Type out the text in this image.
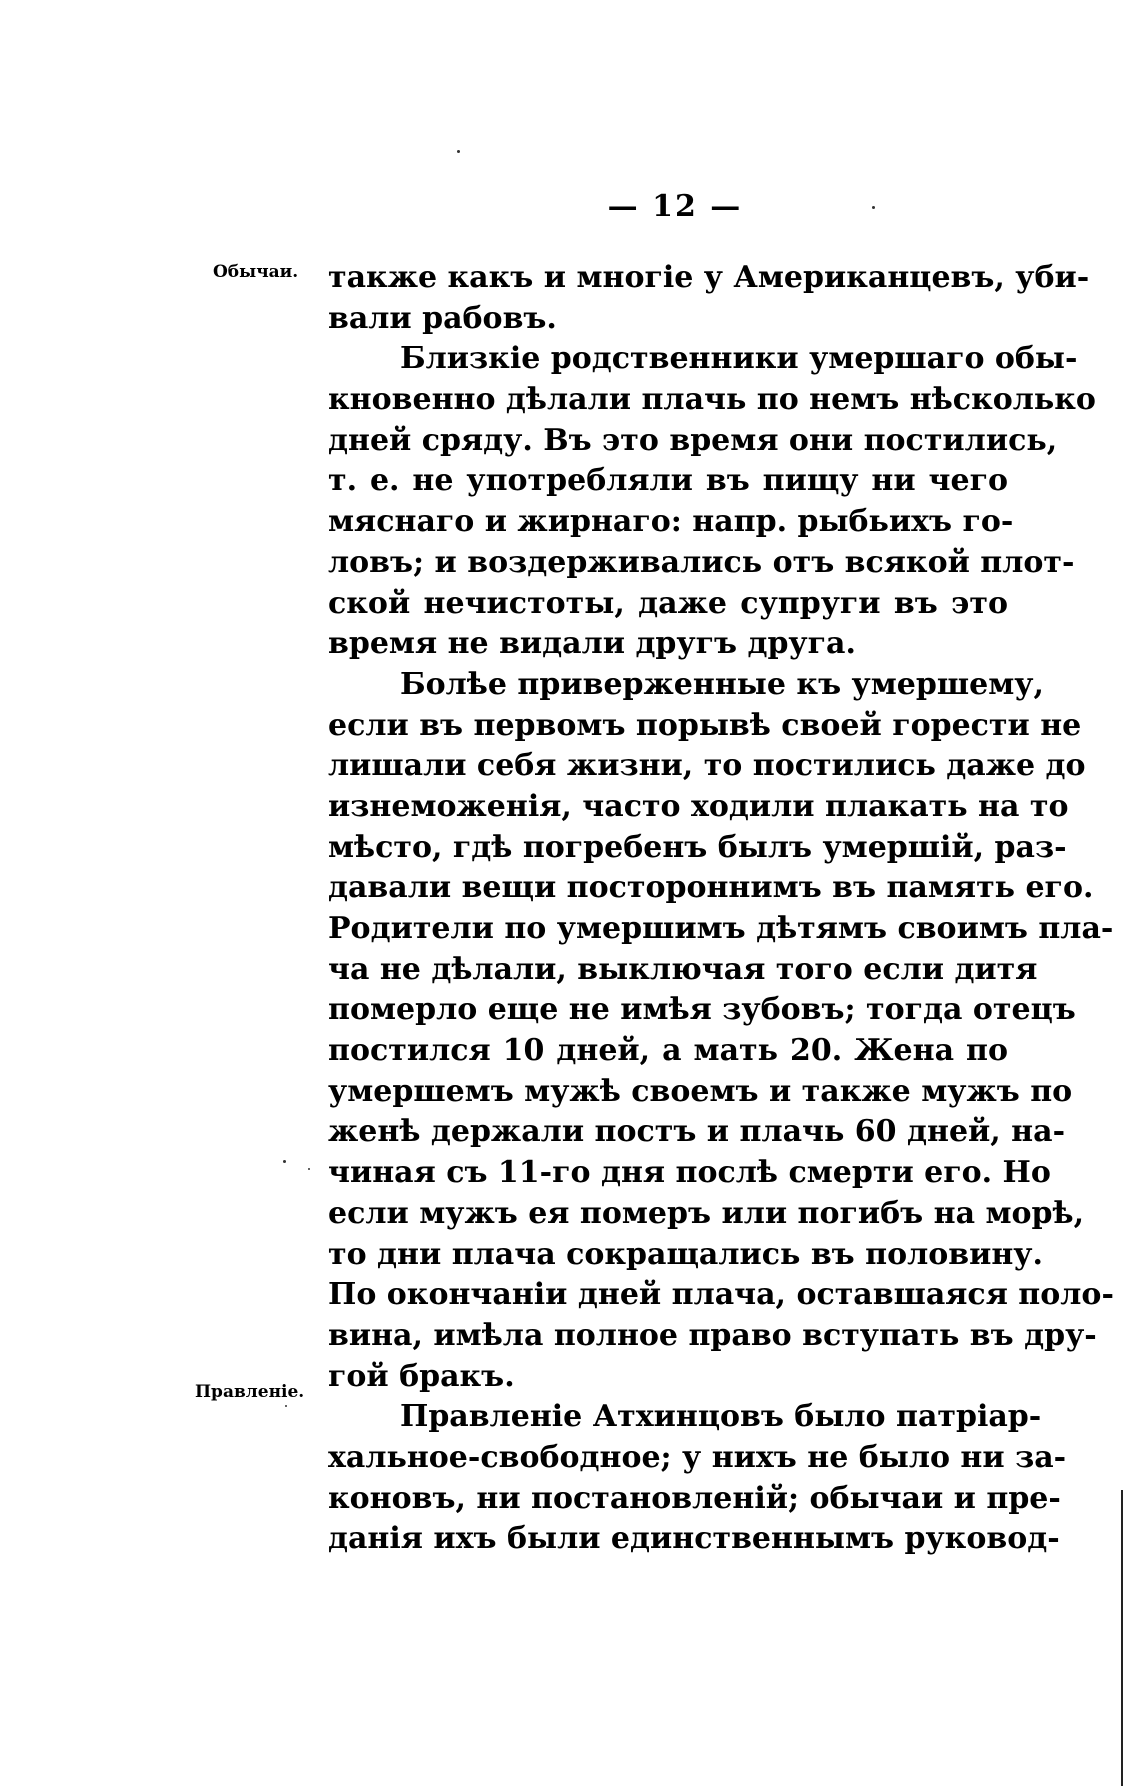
— 12 —
Обычаи.
Правленіе.
также какъ и многіе у Американцевъ, уби-
вали рабовъ.
Близкіе родственники умершаго обы-
кновенно дѣлали плачь по немъ нѣсколько
дней сряду. Въ это время они постились,
т. е. не употребляли въ пищу ни чего
мяснаго и жирнаго: напр. рыбьихъ го-
ловъ; и воздерживались отъ всякой плот-
ской нечистоты, даже супруги въ это
время не видали другъ друга.
Болѣе приверженные къ умершему,
если въ первомъ порывѣ своей горести не
лишали себя жизни, то постились даже до
изнеможенія, часто ходили плакать на то
мѣсто, гдѣ погребенъ былъ умершій, раз-
давали вещи постороннимъ въ память его.
Родители по умершимъ дѣтямъ своимъ пла-
ча не дѣлали, выключая того если дитя
померло еще не имѣя зубовъ; тогда отецъ
постился 10 дней, а мать 20. Жена по
умершемъ мужѣ своемъ и также мужъ по
женѣ держали постъ и плачь 60 дней, на-
чиная съ 11-го дня послѣ смерти его. Но
если мужъ ея померъ или погибъ на морѣ,
то дни плача сокращались въ половину.
По окончаніи дней плача, оставшаяся поло-
вина, имѣла полное право вступать въ дру-
гой бракъ.
Правленіе Атхинцовъ было патріар-
хальное-свободное; у нихъ не было ни за-
коновъ, ни постановленій; обычаи и пре-
данія ихъ были единственнымъ руковод-
